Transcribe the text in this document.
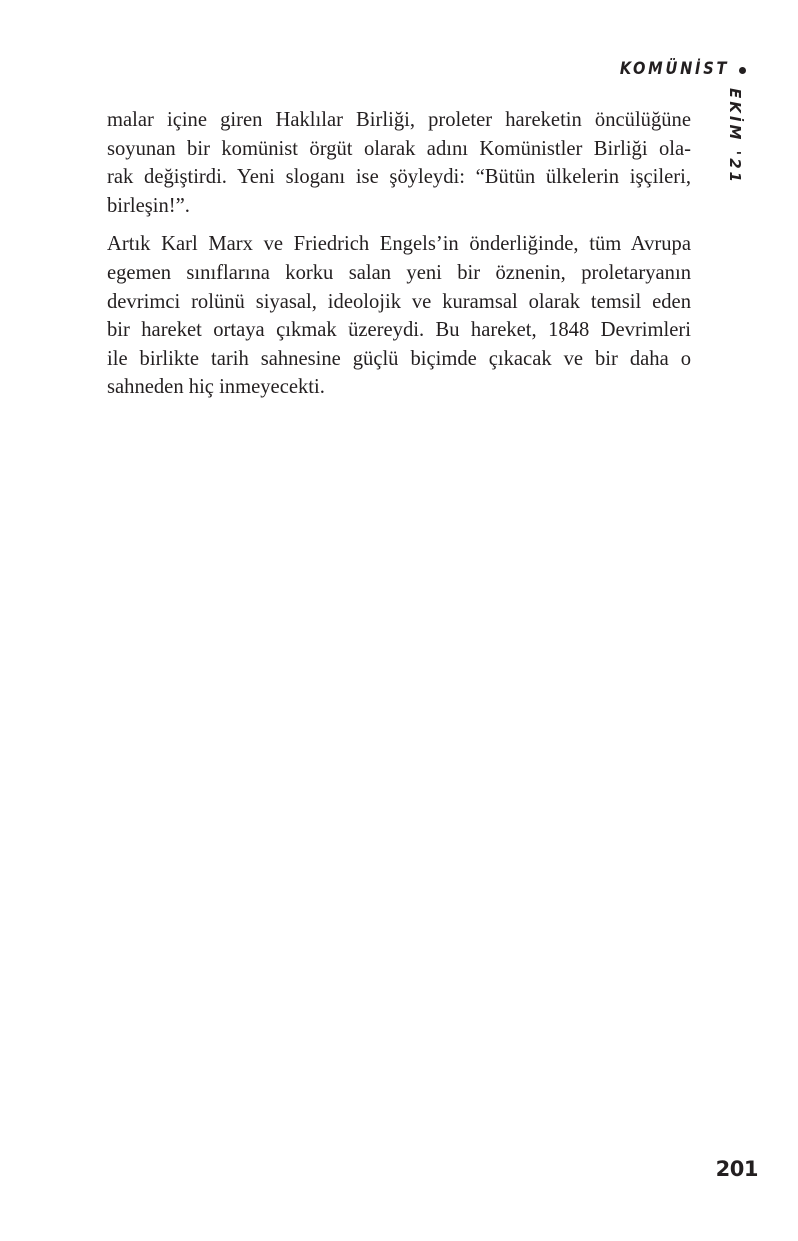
KOMÜNİST
EKİM '21

malar içine giren Haklılar Birliği, proleter hareketin öncülüğüne
soyunan bir komünist örgüt olarak adını Komünistler Birliği ola-
rak değiştirdi. Yeni sloganı ise şöyleydi: “Bütün ülkelerin işçileri,
birleşin!”.

Artık Karl Marx ve Friedrich Engels’in önderliğinde, tüm Avrupa
egemen sınıflarına korku salan yeni bir öznenin, proletaryanın
devrimci rolünü siyasal, ideolojik ve kuramsal olarak temsil eden
bir hareket ortaya çıkmak üzereydi. Bu hareket, 1848 Devrimleri
ile birlikte tarih sahnesine güçlü biçimde çıkacak ve bir daha o
sahneden hiç inmeyecekti.

201
